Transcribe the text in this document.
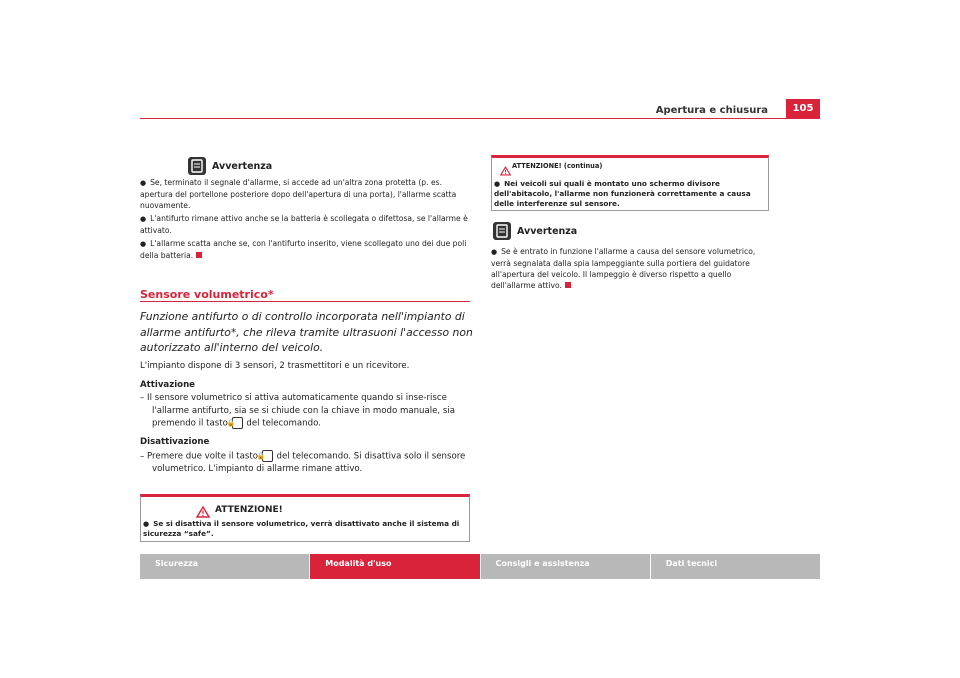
Apertura e chiusura	105
Avvertenza

● Se, terminato il segnale d'allarme, si accede ad un'altra zona protetta (p. es. apertura del portellone posteriore dopo dell'apertura di una porta), l'allarme scatta nuovamente.

● L'antifurto rimane attivo anche se la batteria è scollegata o difettosa, se l'allarme è attivato.

● L'allarme scatta anche se, con l'antifurto inserito, viene scollegato uno dei due poli della batteria.

Sensore volumetrico*
Funzione antifurto o di controllo incorporata nell'impianto di allarme antifurto*, che rileva tramite ultrasuoni l'accesso non autorizzato all'interno del veicolo.

L'impianto dispone di 3 sensori, 2 trasmettitori e un ricevitore.

Attivazione

– Il sensore volumetrico si attiva automaticamente quando si inse-risce l'allarme antifurto, sia se si chiude con la chiave in modo manuale, sia premendo il tasto 🔒 del telecomando.

Disattivazione

– Premere due volte il tasto 🔒 del telecomando. Si disattiva solo il sensore volumetrico. L'impianto di allarme rimane attivo.

ATTENZIONE!
● Se si disattiva il sensore volumetrico, verrà disattivato anche il sistema di sicurezza “safe”.
ATTENZIONE! (continua)
● Nei veicoli sui quali è montato uno schermo divisore dell'abitacolo, l'allarme non funzionerà correttamente a causa delle interferenze sul sensore.
Avvertenza

● Se è entrato in funzione l'allarme a causa del sensore volumetrico, verrà segnalata dalla spia lampeggiante sulla portiera del guidatore all'apertura del veicolo. Il lampeggio è diverso rispetto a quello dell'allarme attivo.

Sicurezza	Modalità d'uso	Consigli e assistenza	Dati tecnici
